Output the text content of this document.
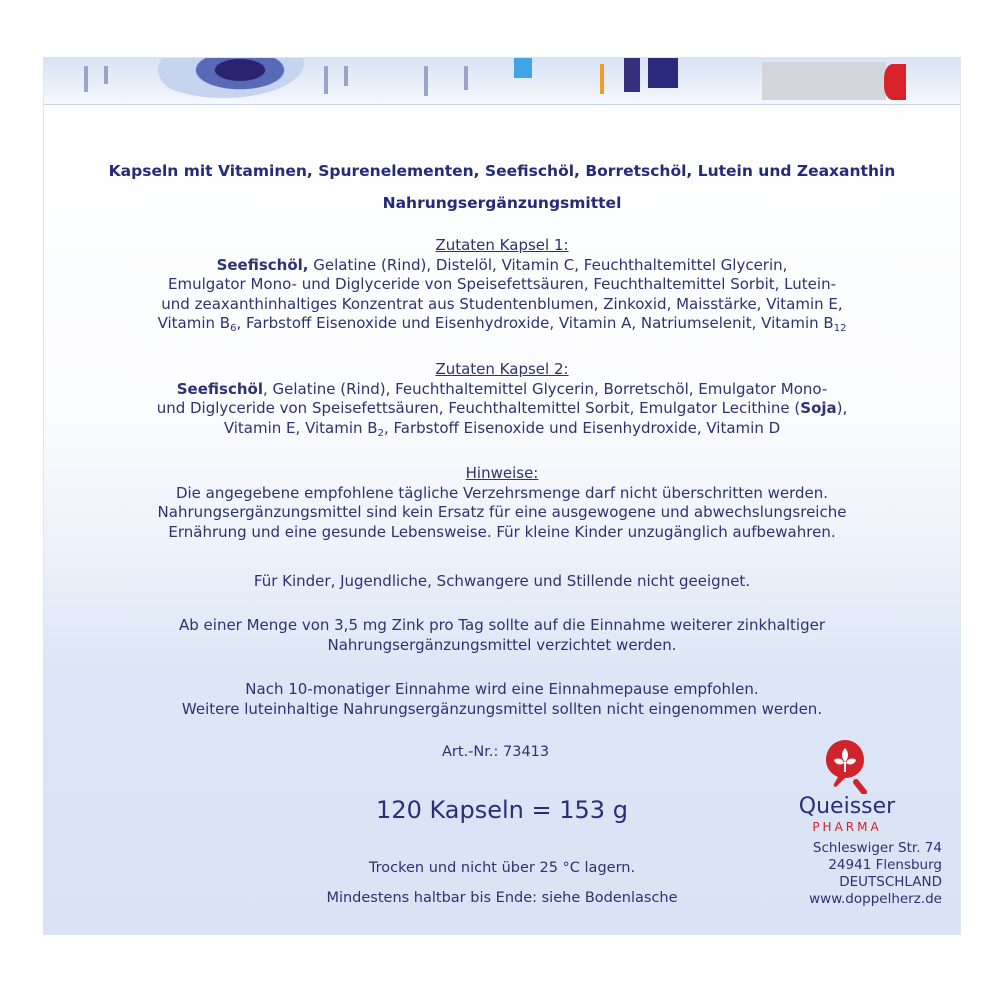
Kapseln mit Vitaminen, Spurenelementen, Seefischöl, Borretschöl, Lutein und Zeaxanthin
Nahrungsergänzungsmittel

Zutaten Kapsel 1:

Seefischöl, Gelatine (Rind), Distelöl, Vitamin C, Feuchthaltemittel Glycerin,

Emulgator Mono- und Diglyceride von Speisefettsäuren, Feuchthaltemittel Sorbit, Lutein-

und zeaxanthinhaltiges Konzentrat aus Studentenblumen, Zinkoxid, Maisstärke, Vitamin E,

Vitamin $B_6$, Farbstoff Eisenoxide und Eisenhydroxide, Vitamin A, Natriumselenit, Vitamin $B_{12}$

Zutaten Kapsel 2:

Seefischöl, Gelatine (Rind), Feuchthaltemittel Glycerin, Borretschöl, Emulgator Mono-

und Diglyceride von Speisefettsäuren, Feuchthaltemittel Sorbit, Emulgator Lecithine (Soja),

Vitamin E, Vitamin $B_2$, Farbstoff Eisenoxide und Eisenhydroxide, Vitamin D

Hinweise:

Die angegebene empfohlene tägliche Verzehrsmenge darf nicht überschritten werden.

Nahrungsergänzungsmittel sind kein Ersatz für eine ausgewogene und abwechslungsreiche

Ernährung und eine gesunde Lebensweise. Für kleine Kinder unzugänglich aufbewahren.

Für Kinder, Jugendliche, Schwangere und Stillende nicht geeignet.

Ab einer Menge von 3,5 mg Zink pro Tag sollte auf die Einnahme weiterer zinkhaltiger

Nahrungsergänzungsmittel verzichtet werden.

Nach 10-monatiger Einnahme wird eine Einnahmepause empfohlen.

Weitere luteinhaltige Nahrungsergänzungsmittel sollten nicht eingenommen werden.

Art.-Nr.: 73413
120 Kapseln = 153 g
Trocken und nicht über 25 °C lagern.
Mindestens haltbar bis Ende: siehe Bodenlasche
Queisser
PHARMA
Schleswiger Str. 74
24941 Flensburg
DEUTSCHLAND
www.doppelherz.de
